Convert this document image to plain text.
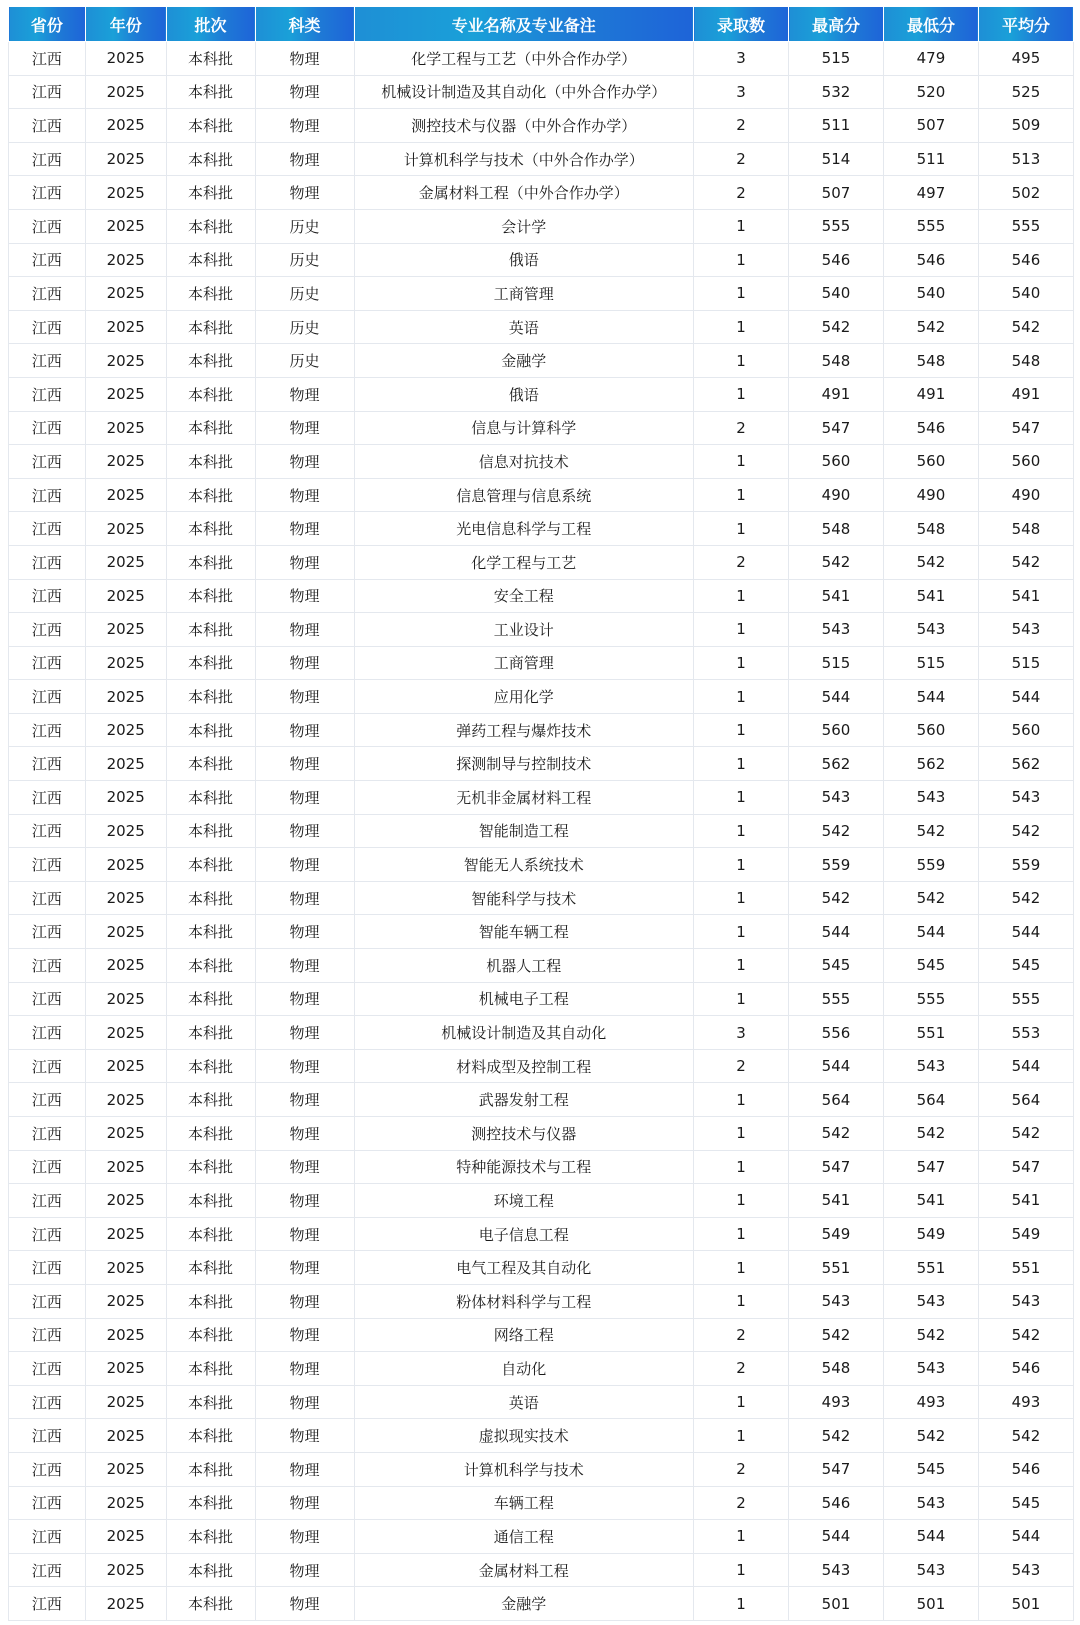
省份	年份	批次	科类	专业名称及专业备注	录取数	最高分	最低分	平均分
江西	2025	本科批	物理	化学工程与工艺（中外合作办学）	3	515	479	495
江西	2025	本科批	物理	机械设计制造及其自动化（中外合作办学）	3	532	520	525
江西	2025	本科批	物理	测控技术与仪器（中外合作办学）	2	511	507	509
江西	2025	本科批	物理	计算机科学与技术（中外合作办学）	2	514	511	513
江西	2025	本科批	物理	金属材料工程（中外合作办学）	2	507	497	502
江西	2025	本科批	历史	会计学	1	555	555	555
江西	2025	本科批	历史	俄语	1	546	546	546
江西	2025	本科批	历史	工商管理	1	540	540	540
江西	2025	本科批	历史	英语	1	542	542	542
江西	2025	本科批	历史	金融学	1	548	548	548
江西	2025	本科批	物理	俄语	1	491	491	491
江西	2025	本科批	物理	信息与计算科学	2	547	546	547
江西	2025	本科批	物理	信息对抗技术	1	560	560	560
江西	2025	本科批	物理	信息管理与信息系统	1	490	490	490
江西	2025	本科批	物理	光电信息科学与工程	1	548	548	548
江西	2025	本科批	物理	化学工程与工艺	2	542	542	542
江西	2025	本科批	物理	安全工程	1	541	541	541
江西	2025	本科批	物理	工业设计	1	543	543	543
江西	2025	本科批	物理	工商管理	1	515	515	515
江西	2025	本科批	物理	应用化学	1	544	544	544
江西	2025	本科批	物理	弹药工程与爆炸技术	1	560	560	560
江西	2025	本科批	物理	探测制导与控制技术	1	562	562	562
江西	2025	本科批	物理	无机非金属材料工程	1	543	543	543
江西	2025	本科批	物理	智能制造工程	1	542	542	542
江西	2025	本科批	物理	智能无人系统技术	1	559	559	559
江西	2025	本科批	物理	智能科学与技术	1	542	542	542
江西	2025	本科批	物理	智能车辆工程	1	544	544	544
江西	2025	本科批	物理	机器人工程	1	545	545	545
江西	2025	本科批	物理	机械电子工程	1	555	555	555
江西	2025	本科批	物理	机械设计制造及其自动化	3	556	551	553
江西	2025	本科批	物理	材料成型及控制工程	2	544	543	544
江西	2025	本科批	物理	武器发射工程	1	564	564	564
江西	2025	本科批	物理	测控技术与仪器	1	542	542	542
江西	2025	本科批	物理	特种能源技术与工程	1	547	547	547
江西	2025	本科批	物理	环境工程	1	541	541	541
江西	2025	本科批	物理	电子信息工程	1	549	549	549
江西	2025	本科批	物理	电气工程及其自动化	1	551	551	551
江西	2025	本科批	物理	粉体材料科学与工程	1	543	543	543
江西	2025	本科批	物理	网络工程	2	542	542	542
江西	2025	本科批	物理	自动化	2	548	543	546
江西	2025	本科批	物理	英语	1	493	493	493
江西	2025	本科批	物理	虚拟现实技术	1	542	542	542
江西	2025	本科批	物理	计算机科学与技术	2	547	545	546
江西	2025	本科批	物理	车辆工程	2	546	543	545
江西	2025	本科批	物理	通信工程	1	544	544	544
江西	2025	本科批	物理	金属材料工程	1	543	543	543
江西	2025	本科批	物理	金融学	1	501	501	501
